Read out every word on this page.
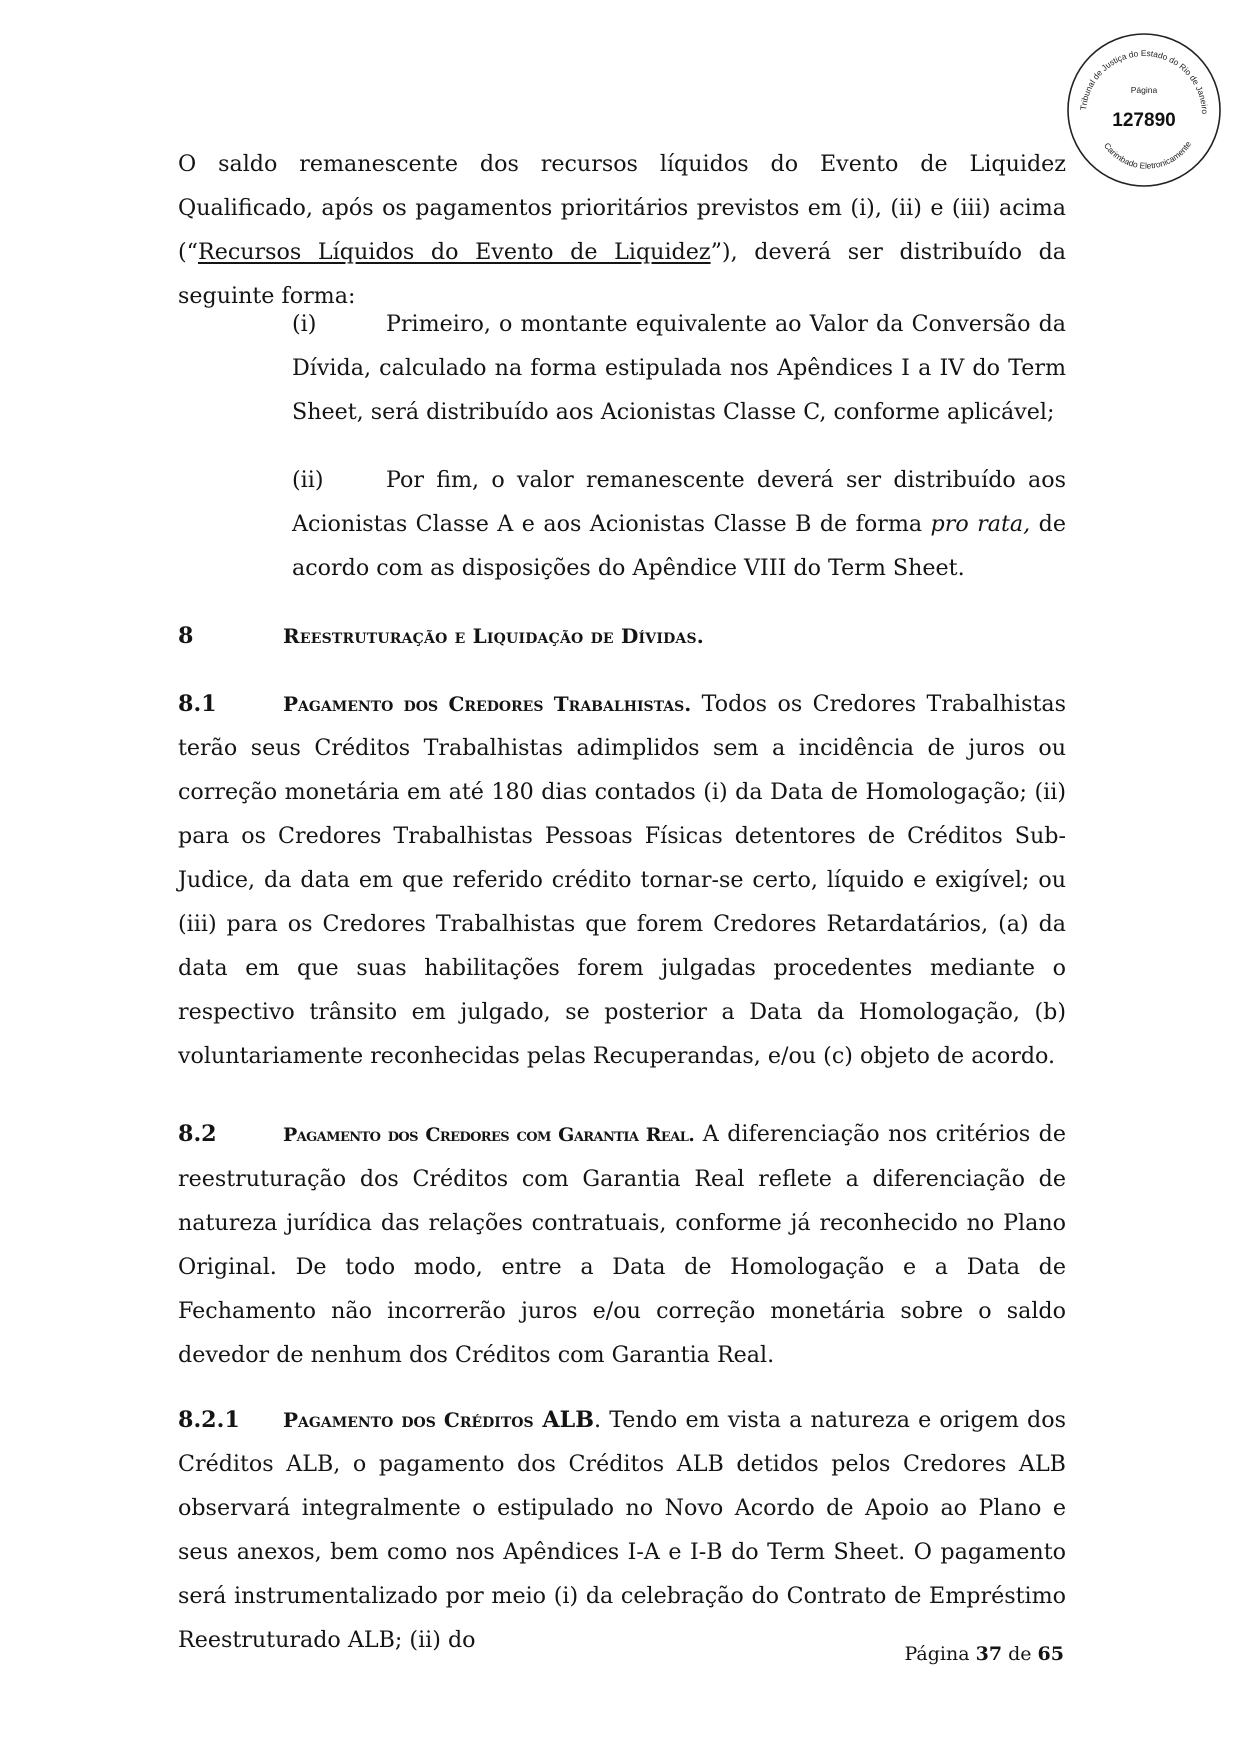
Tribunal de Justiça do Estado do Rio de Janeiro
Carimbado Eletronicamente
Página
127890
O saldo remanescente dos recursos líquidos do Evento de Liquidez Qualificado, após os pagamentos prioritários previstos em (i), (ii) e (iii) acima (“Recursos Líquidos do Evento de Liquidez”), deverá ser distribuído da seguinte forma:
(i)	Primeiro, o montante equivalente ao Valor da Conversão da Dívida, calculado na forma estipulada nos Apêndices I a IV do Term Sheet, será distribuído aos Acionistas Classe C, conforme aplicável;
(ii)	Por fim, o valor remanescente deverá ser distribuído aos Acionistas Classe A e aos Acionistas Classe B de forma pro rata, de acordo com as disposições do Apêndice VIII do Term Sheet.
8	Reestruturação e Liquidação de Dívidas.
8.1	Pagamento dos Credores Trabalhistas. Todos os Credores Trabalhistas terão seus Créditos Trabalhistas adimplidos sem a incidência de juros ou correção monetária em até 180 dias contados (i) da Data de Homologação; (ii) para os Credores Trabalhistas Pessoas Físicas detentores de Créditos Sub-Judice, da data em que referido crédito tornar-se certo, líquido e exigível; ou (iii) para os Credores Trabalhistas que forem Credores Retardatários, (a) da data em que suas habilitações forem julgadas procedentes mediante o respectivo trânsito em julgado, se posterior a Data da Homologação, (b) voluntariamente reconhecidas pelas Recuperandas, e/ou (c) objeto de acordo.
8.2	Pagamento dos Credores com Garantia Real. A diferenciação nos critérios de reestruturação dos Créditos com Garantia Real reflete a diferenciação de natureza jurídica das relações contratuais, conforme já reconhecido no Plano Original. De todo modo, entre a Data de Homologação e a Data de Fechamento não incorrerão juros e/ou correção monetária sobre o saldo devedor de nenhum dos Créditos com Garantia Real.
8.2.1 Pagamento dos Créditos ALB. Tendo em vista a natureza e origem dos Créditos ALB, o pagamento dos Créditos ALB detidos pelos Credores ALB observará integralmente o estipulado no Novo Acordo de Apoio ao Plano e seus anexos, bem como nos Apêndices I-A e I-B do Term Sheet. O pagamento será instrumentalizado por meio (i) da celebração do Contrato de Empréstimo Reestruturado ALB; (ii) do
Página 37 de 65
